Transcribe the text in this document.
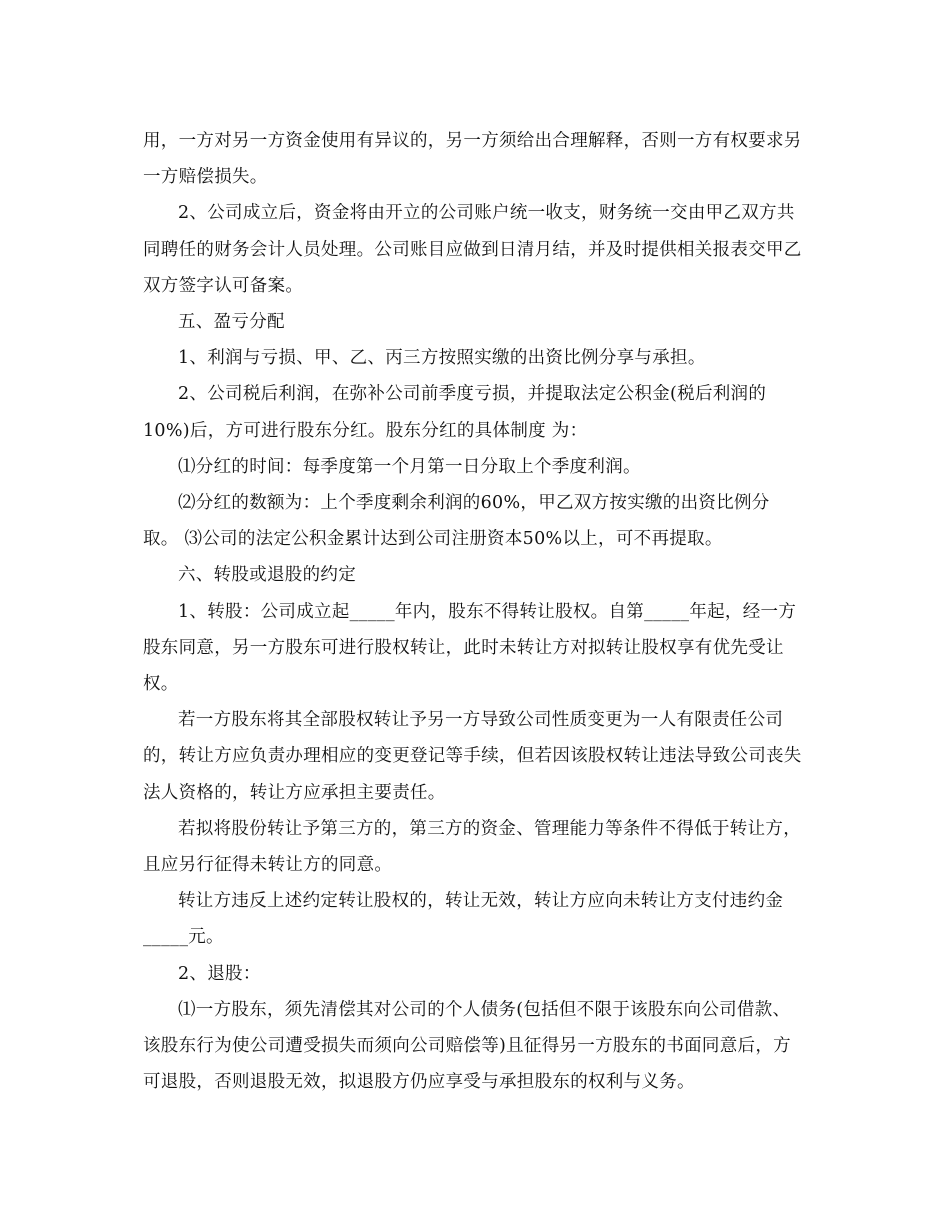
用，一方对另一方资金使用有异议的，另一方须给出合理解释，否则一方有权要求另一方赔偿损失。

2、公司成立后，资金将由开立的公司账户统一收支，财务统一交由甲乙双方共同聘任的财务会计人员处理。公司账目应做到日清月结，并及时提供相关报表交甲乙双方签字认可备案。

五、盈亏分配

1、利润与亏损、甲、乙、丙三方按照实缴的出资比例分享与承担。

2、公司税后利润，在弥补公司前季度亏损，并提取法定公积金(税后利润的10%)后，方可进行股东分红。股东分红的具体制度 为：

⑴分红的时间：每季度第一个月第一日分取上个季度利润。

⑵分红的数额为：上个季度剩余利润的60%，甲乙双方按实缴的出资比例分取。 ⑶公司的法定公积金累计达到公司注册资本50%以上，可不再提取。

六、转股或退股的约定

1、转股：公司成立起_____年内，股东不得转让股权。自第_____年起，经一方股东同意，另一方股东可进行股权转让，此时未转让方对拟转让股权享有优先受让权。

若一方股东将其全部股权转让予另一方导致公司性质变更为一人有限责任公司的，转让方应负责办理相应的变更登记等手续，但若因该股权转让违法导致公司丧失法人资格的，转让方应承担主要责任。

若拟将股份转让予第三方的，第三方的资金、管理能力等条件不得低于转让方，且应另行征得未转让方的同意。

转让方违反上述约定转让股权的，转让无效，转让方应向未转让方支付违约金_____元。

2、退股：

⑴一方股东，须先清偿其对公司的个人债务(包括但不限于该股东向公司借款、该股东行为使公司遭受损失而须向公司赔偿等)且征得另一方股东的书面同意后，方可退股，否则退股无效，拟退股方仍应享受与承担股东的权利与义务。
